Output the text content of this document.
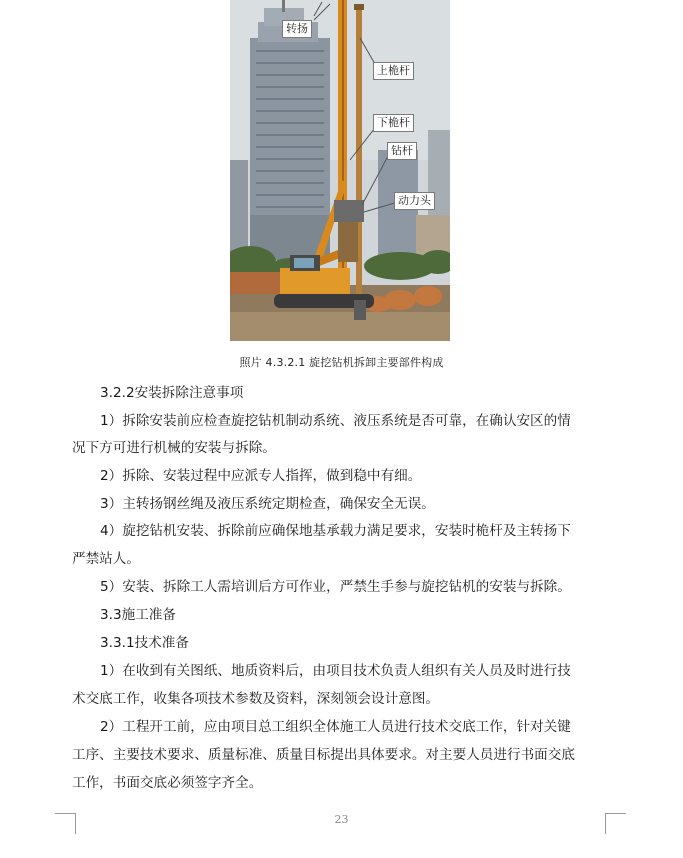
转扬
上桅杆
下桅杆
钻杆
动力头
照片 4.3.2.1 旋挖钻机拆卸主要部件构成
3.2.2安装拆除注意事项
1）拆除安装前应检查旋挖钻机制动系统、液压系统是否可靠，在确认安区的情
况下方可进行机械的安装与拆除。
2）拆除、安装过程中应派专人指挥，做到稳中有细。
3）主转扬钢丝绳及液压系统定期检查，确保安全无误。
4）旋挖钻机安装、拆除前应确保地基承载力满足要求，安装时桅杆及主转扬下
严禁站人。
5）安装、拆除工人需培训后方可作业，严禁生手参与旋挖钻机的安装与拆除。
3.3施工准备
3.3.1技术准备
1）在收到有关图纸、地质资料后，由项目技术负责人组织有关人员及时进行技
术交底工作，收集各项技术参数及资料，深刻领会设计意图。
2）工程开工前，应由项目总工组织全体施工人员进行技术交底工作，针对关键
工序、主要技术要求、质量标准、质量目标提出具体要求。对主要人员进行书面交底
工作，书面交底必须签字齐全。
23
